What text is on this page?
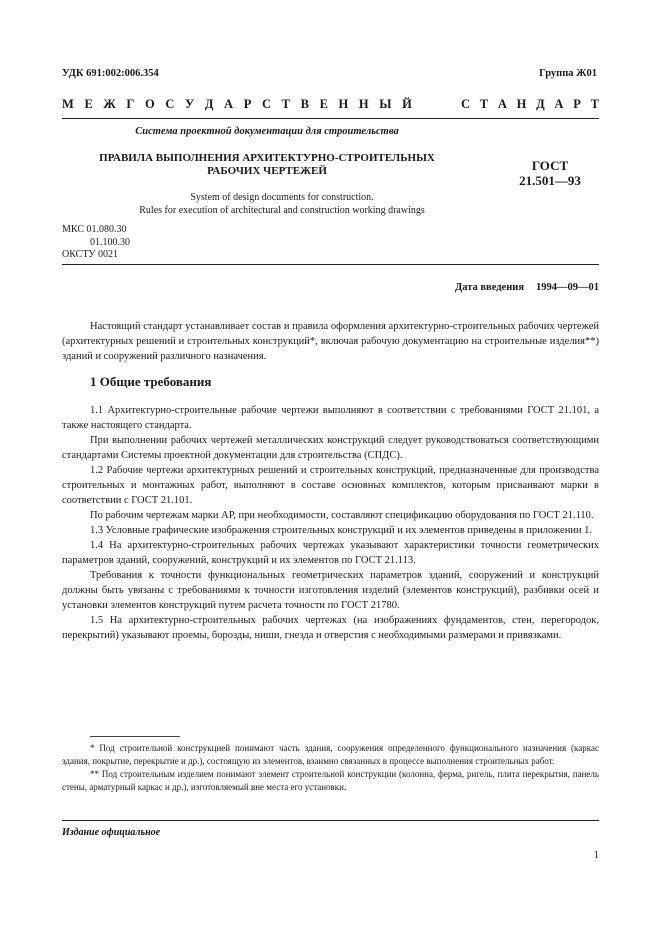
УДК 691:002:006.354	Группа Ж01
М Е Ж Г О С У Д А Р С Т В Е Н Н Ы Й	С Т А Н Д А Р Т
Система проектной документации для строительства
ПРАВИЛА ВЫПОЛНЕНИЯ АРХИТЕКТУРНО-СТРОИТЕЛЬНЫХ
РАБОЧИХ ЧЕРТЕЖЕЙ	ГОСТ
21.501—93
System of design documents for construction.
Rules for execution of architectural and construction working drawings
МКС 01.080.30
01.100.30
ОКСТУ 0021
Дата введения 1994—09—01

Настоящий стандарт устанавливает состав и правила оформления архитектурно-строительных рабочих чертежей (архитектурных решений и строительных конструкций*, включая рабочую документацию на строительные изделия**) зданий и сооружений различного назначения.

1 Общие требования

1.1 Архитектурно-строительные рабочие чертежи выполняют в соответствии с требованиями ГОСТ 21.101, а также настоящего стандарта.

При выполнении рабочих чертежей металлических конструкций следует руководствоваться соответствующими стандартами Системы проектной документации для строительства (СПДС).

1.2 Рабочие чертежи архитектурных решений и строительных конструкций, предназначенные для производства строительных и монтажных работ, выполняют в составе основных комплектов, которым присваивают марки в соответствии с ГОСТ 21.101.

По рабочим чертежам марки АР, при необходимости, составляют спецификацию оборудования по ГОСТ 21.110.

1.3 Условные графические изображения строительных конструкций и их элементов приведены в приложении 1.

1.4 На архитектурно-строительных рабочих чертежах указывают характеристики точности геометрических параметров зданий, сооружений, конструкций и их элементов по ГОСТ 21.113.

Требования к точности функциональных геометрических параметров зданий, сооружений и конструкций должны быть увязаны с требованиями к точности изготовления изделий (элементов конструкций), разбивки осей и установки элементов конструкций путем расчета точности по ГОСТ 21780.

1.5 На архитектурно-строительных рабочих чертежах (на изображениях фундаментов, стен, перегородок, перекрытий) указывают проемы, борозды, ниши, гнезда и отверстия с необходимыми размерами и привязками.

* Под строительной конструкцией понимают часть здания, сооружения определенного функционального назначения (каркас здания, покрытие, перекрытие и др.), состоящую из элементов, взаимно связанных в процессе выполнения строительных работ.

** Под строительным изделием понимают элемент строительной конструкции (колонна, ферма, ригель, плита перекрытия, панель стены, арматурный каркас и др.), изготовляемый вне места его установки.

Издание официальное
1
